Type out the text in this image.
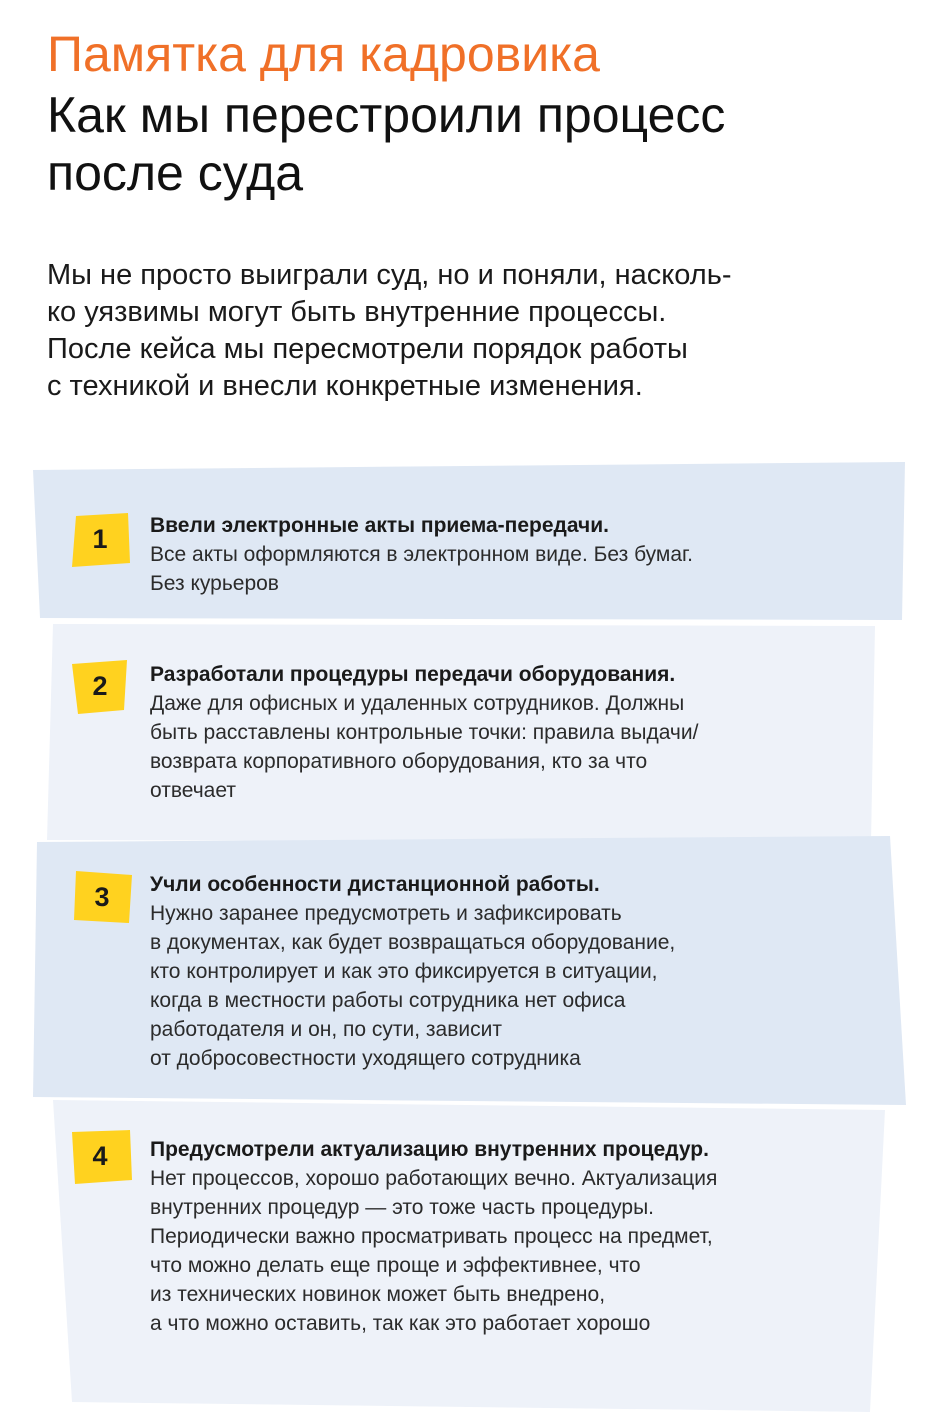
Памятка для кадровика
Как мы перестроили процесс
после суда
Мы не просто выиграли суд, но и поняли, насколь-
ко уязвимы могут быть внутренние процессы.
После кейса мы пересмотрели порядок работы
с техникой и внесли конкретные изменения.
1	Ввели электронные акты приема-передачи.
Все акты оформляются в электронном виде. Без бумаг.
Без курьеров
2	Разработали процедуры передачи оборудования.
Даже для офисных и удаленных сотрудников. Должны
быть расставлены контрольные точки: правила выдачи/
возврата корпоративного оборудования, кто за что
отвечает
3	Учли особенности дистанционной работы.
Нужно заранее предусмотреть и зафиксировать
в документах, как будет возвращаться оборудование,
кто контролирует и как это фиксируется в ситуации,
когда в местности работы сотрудника нет офиса
работодателя и он, по сути, зависит
от добросовестности уходящего сотрудника
4	Предусмотрели актуализацию внутренних процедур.
Нет процессов, хорошо работающих вечно. Актуализация
внутренних процедур — это тоже часть процедуры.
Периодически важно просматривать процесс на предмет,
что можно делать еще проще и эффективнее, что
из технических новинок может быть внедрено,
а что можно оставить, так как это работает хорошо
